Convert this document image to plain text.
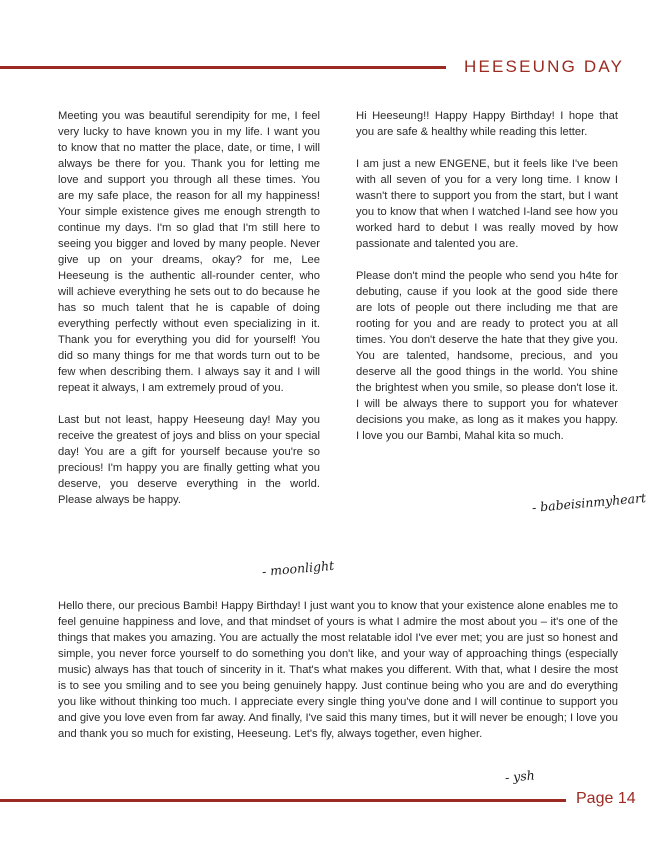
HEESEUNG DAY

Meeting you was beautiful serendipity for me, I feel very lucky to have known you in my life. I want you to know that no matter the place, date, or time, I will always be there for you. Thank you for letting me love and support you through all these times. You are my safe place, the reason for all my happiness! Your simple existence gives me enough strength to continue my days. I'm so glad that I'm still here to seeing you bigger and loved by many people. Never give up on your dreams, okay? for me, Lee Heeseung is the authentic all-rounder center, who will achieve everything he sets out to do because he has so much talent that he is capable of doing everything perfectly without even specializing in it. Thank you for everything you did for yourself! You did so many things for me that words turn out to be few when describing them. I always say it and I will repeat it always, I am extremely proud of you.

Last but not least, happy Heeseung day! May you receive the greatest of joys and bliss on your special day! You are a gift for yourself because you're so precious! I'm happy you are finally getting what you deserve, you deserve everything in the world. Please always be happy.

- moonlight

Hi Heeseung!! Happy Happy Birthday! I hope that you are safe & healthy while reading this letter.

I am just a new ENGENE, but it feels like I've been with all seven of you for a very long time. I know I wasn't there to support you from the start, but I want you to know that when I watched I-land see how you worked hard to debut I was really moved by how passionate and talented you are.

Please don't mind the people who send you h4te for debuting, cause if you look at the good side there are lots of people out there including me that are rooting for you and are ready to protect you at all times. You don't deserve the hate that they give you. You are talented, handsome, precious, and you deserve all the good things in the world. You shine the brightest when you smile, so please don't lose it. I will be always there to support you for whatever decisions you make, as long as it makes you happy. I love you our Bambi, Mahal kita so much.

- babeisinmyheart

Hello there, our precious Bambi! Happy Birthday! I just want you to know that your existence alone enables me to feel genuine happiness and love, and that mindset of yours is what I admire the most about you – it's one of the things that makes you amazing. You are actually the most relatable idol I've ever met; you are just so honest and simple, you never force yourself to do something you don't like, and your way of approaching things (especially music) always has that touch of sincerity in it. That's what makes you different. With that, what I desire the most is to see you smiling and to see you being genuinely happy. Just continue being who you are and do everything you like without thinking too much. I appreciate every single thing you've done and I will continue to support you and give you love even from far away. And finally, I've said this many times, but it will never be enough; I love you and thank you so much for existing, Heeseung. Let's fly, always together, even higher.

- ysh
Page 14
